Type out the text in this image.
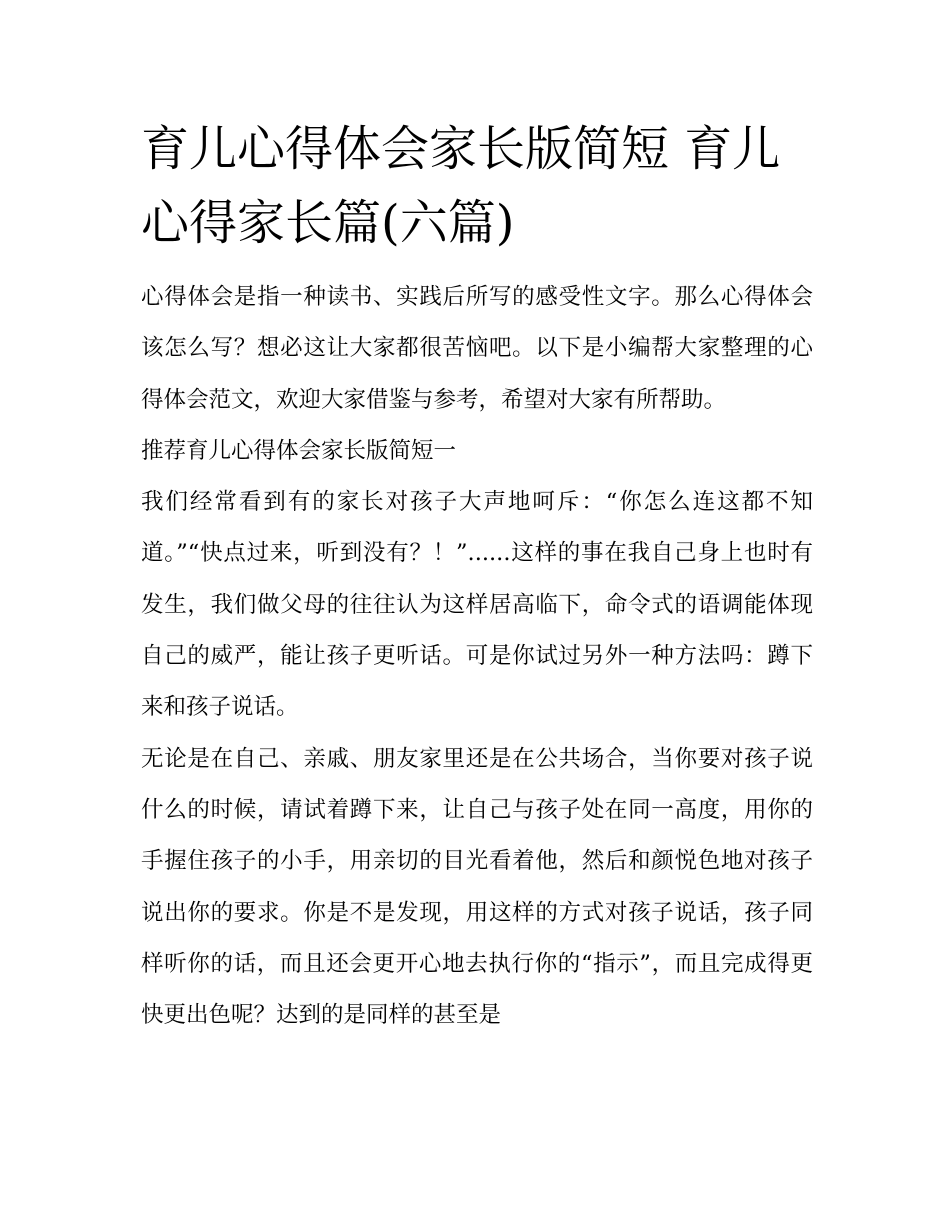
育儿心得体会家长版简短 育儿心得家长篇(六篇)

心得体会是指一种读书、实践后所写的感受性文字。那么心得体会该怎么写？想必这让大家都很苦恼吧。以下是小编帮大家整理的心得体会范文，欢迎大家借鉴与参考，希望对大家有所帮助。

推荐育儿心得体会家长版简短一

我们经常看到有的家长对孩子大声地呵斥：“你怎么连这都不知道。”“快点过来，听到没有？！”......这样的事在我自己身上也时有发生，我们做父母的往往认为这样居高临下，命令式的语调能体现自己的威严，能让孩子更听话。可是你试过另外一种方法吗：蹲下来和孩子说话。

无论是在自己、亲戚、朋友家里还是在公共场合，当你要对孩子说什么的时候，请试着蹲下来，让自己与孩子处在同一高度，用你的手握住孩子的小手，用亲切的目光看着他，然后和颜悦色地对孩子说出你的要求。你是不是发现，用这样的方式对孩子说话，孩子同样听你的话，而且还会更开心地去执行你的“指示”，而且完成得更快更出色呢？达到的是同样的甚至是
